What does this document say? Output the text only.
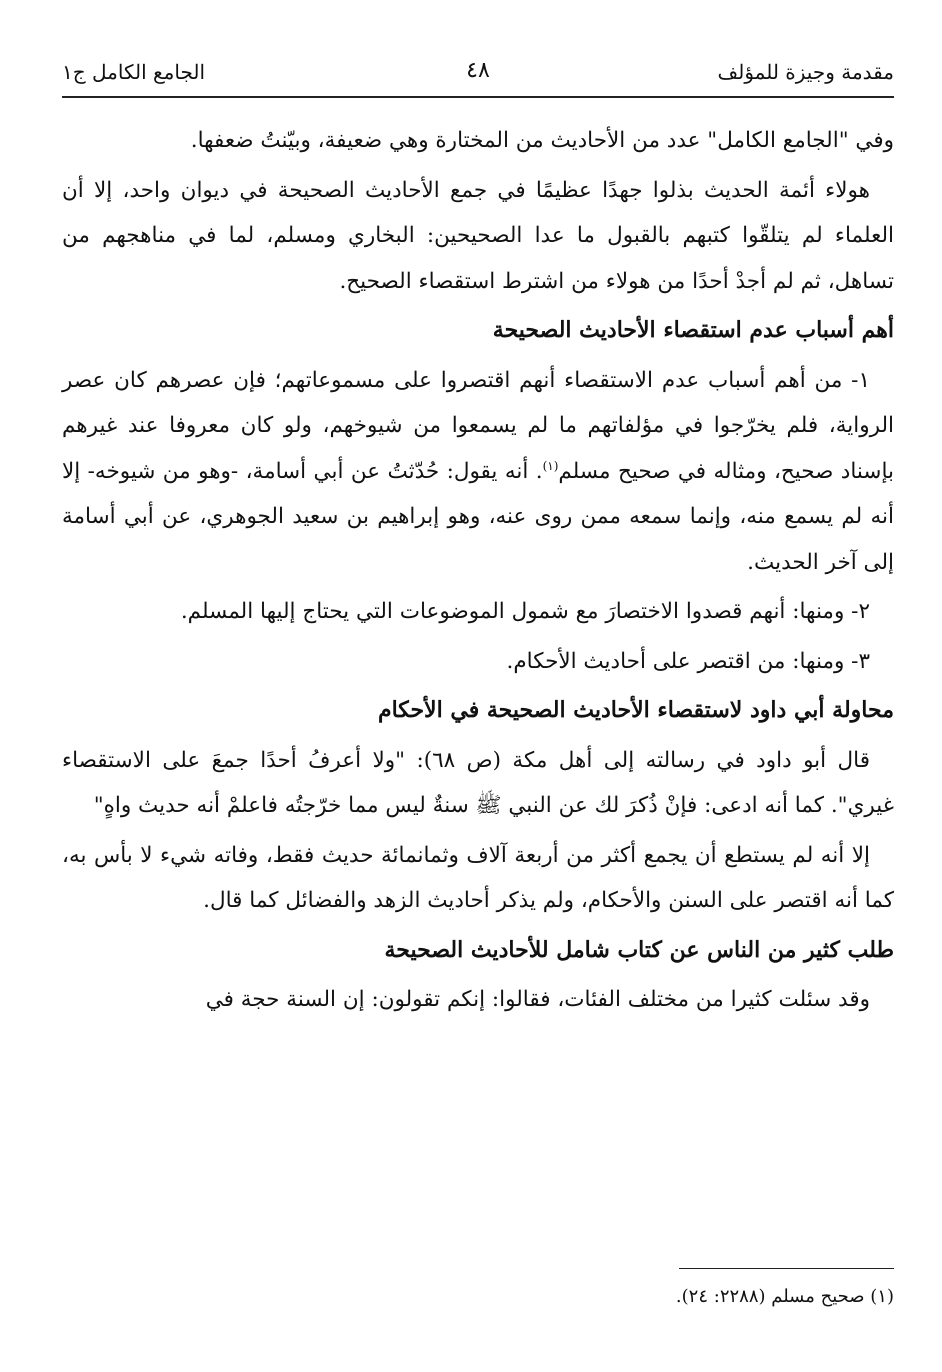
مقدمة وجيزة للمؤلف
٤٨
الجامع الكامل ج١

وفي "الجامع الكامل" عدد من الأحاديث من المختارة وهي ضعيفة، وبيّنتُ ضعفها.

هولاء أئمة الحديث بذلوا جهدًا عظيمًا في جمع الأحاديث الصحيحة في ديوان واحد، إلا أن العلماء لم يتلقّوا كتبهم بالقبول ما عدا الصحيحين: البخاري ومسلم، لما في مناهجهم من تساهل، ثم لم أجدْ أحدًا من هولاء من اشترط استقصاء الصحيح.

أهم أسباب عدم استقصاء الأحاديث الصحيحة

١- من أهم أسباب عدم الاستقصاء أنهم اقتصروا على مسموعاتهم؛ فإن عصرهم كان عصر الرواية، فلم يخرّجوا في مؤلفاتهم ما لم يسمعوا من شيوخهم، ولو كان معروفا عند غيرهم بإسناد صحيح، ومثاله في صحيح مسلم$^{(١)}$. أنه يقول: حُدّثتُ عن أبي أسامة، -وهو من شيوخه- إلا أنه لم يسمع منه، وإنما سمعه ممن روى عنه، وهو إبراهيم بن سعيد الجوهري، عن أبي أسامة إلى آخر الحديث.

٢- ومنها: أنهم قصدوا الاختصارَ مع شمول الموضوعات التي يحتاج إليها المسلم.

٣- ومنها: من اقتصر على أحاديث الأحكام.

محاولة أبي داود لاستقصاء الأحاديث الصحيحة في الأحكام

قال أبو داود في رسالته إلى أهل مكة (ص ٦٨): "ولا أعرفُ أحدًا جمعَ على الاستقصاء غيري". كما أنه ادعى: فإنْ ذُكرَ لك عن النبي ﷺ سنةٌ ليس مما خرّجتُه فاعلمْ أنه حديث واهٍ"

إلا أنه لم يستطع أن يجمع أكثر من أربعة آلاف وثمانمائة حديث فقط، وفاته شيء لا بأس به، كما أنه اقتصر على السنن والأحكام، ولم يذكر أحاديث الزهد والفضائل كما قال.

طلب كثير من الناس عن كتاب شامل للأحاديث الصحيحة

وقد سئلت كثيرا من مختلف الفئات، فقالوا: إنكم تقولون: إن السنة حجة في

(١) صحيح مسلم (٢٢٨٨: ٢٤).
